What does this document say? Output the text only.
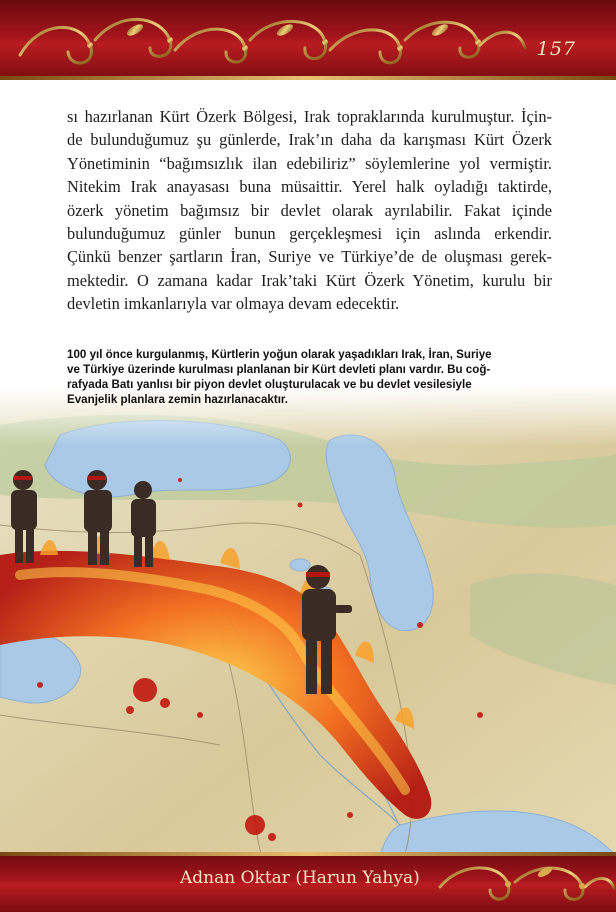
157
sı hazırlanan Kürt Özerk Bölgesi, Irak topraklarında kurulmuştur. İçin-
de bulunduğumuz şu günlerde, Irak’ın daha da karışması Kürt Özerk
Yönetiminin “bağımsızlık ilan edebiliriz” söylemlerine yol vermiştir.
Nitekim Irak anayasası buna müsaittir. Yerel halk oyladığı taktirde,
özerk yönetim bağımsız bir devlet olarak ayrılabilir. Fakat içinde
bulunduğumuz günler bunun gerçekleşmesi için aslında erkendir.
Çünkü benzer şartların İran, Suriye ve Türkiye’de de oluşması gerek-
mektedir. O zamana kadar Irak’taki Kürt Özerk Yönetim, kurulu bir
devletin imkanlarıyla var olmaya devam edecektir.
100 yıl önce kurgulanmış, Kürtlerin yoğun olarak yaşadıkları Irak, İran, Suriye
ve Türkiye üzerinde kurulması planlanan bir Kürt devleti planı vardır. Bu coğ-
rafyada Batı yanlısı bir piyon devlet oluşturulacak ve bu devlet vesilesiyle
Evanjelik planlara zemin hazırlanacaktır.
Adnan Oktar (Harun Yahya)
